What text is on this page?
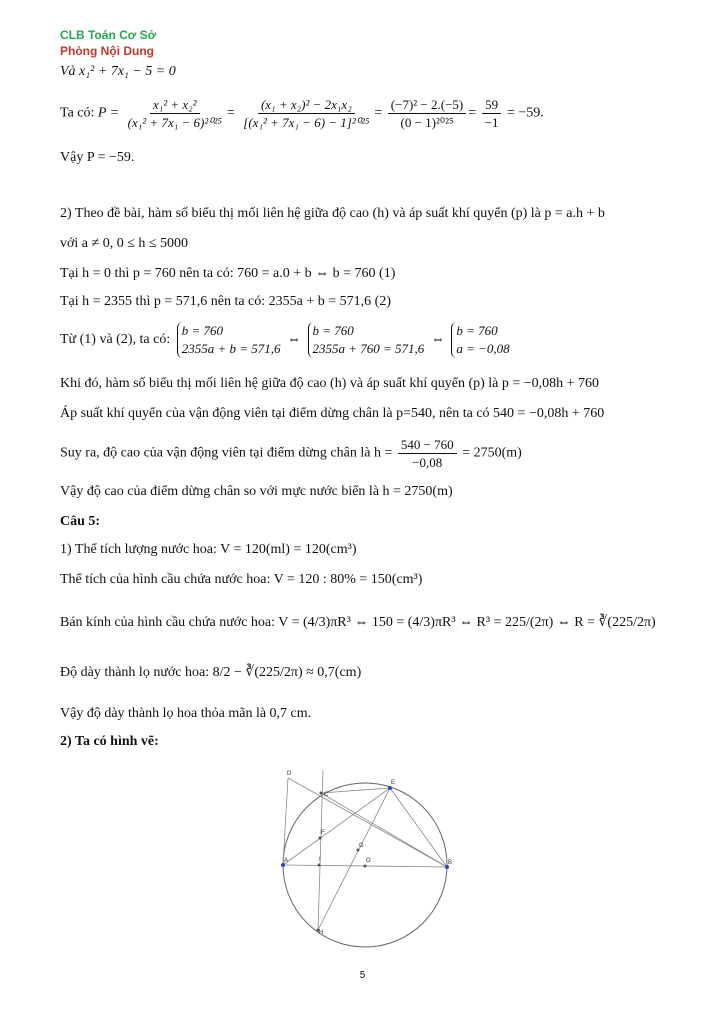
CLB Toán Cơ Sở
Phòng Nội Dung
Và x₁² + 7x₁ − 5 = 0
Ta có: $P = \frac{\text{x₁² + x₂²}}{\text{(x₁² + 7x₁ − 6)²⁰²⁵}} = \frac{\text{(x₁ + x₂)² − 2x₁x₂}}{\text{[(x₁² + 7x₁ − 6) − 1]²⁰²⁵}} = \frac{\text{(−7)² − 2.(−5)}}{\text{(0 − 1)²⁰²⁵}} = \frac{59}{-1} = -59$.
Vậy P = −59.
2) Theo đề bài, hàm số biểu thị mối liên hệ giữa độ cao (h) và áp suất khí quyển (p) là p = a.h + b
với a ≠ 0, 0 ≤ h ≤ 5000
Tại h = 0 thì p = 760 nên ta có: 760 = a.0 + b ⇔ b = 760 (1)
Tại h = 2355 thì p = 571,6 nên ta có: 2355a + b = 571,6 (2)
Từ (1) và (2), ta có:
b = 760
2355a + b = 571,6
⇔
b = 760
2355a + 760 = 571,6
⇔
b = 760
a = −0,08
Khi đó, hàm số biểu thị mối liên hệ giữa độ cao (h) và áp suất khí quyển (p) là p = −0,08h + 760
Áp suất khí quyển của vận động viên tại điểm dừng chân là p=540, nên ta có 540 = −0,08h + 760
Suy ra, độ cao của vận động viên tại điểm dừng chân là $h = \frac{540 - 760}{-0,08} = 2750(m)$
Vậy độ cao của điểm dừng chân so với mực nước biển là h = 2750(m)
Câu 5:
1) Thể tích lượng nước hoa: V = 120(ml) = 120(cm³)
Thể tích của hình cầu chứa nước hoa: V = 120 : 80% = 150(cm³)
Bán kính của hình cầu chứa nước hoa: V = (4/3)πR³ ⇔ 150 = (4/3)πR³ ⇔ R³ = 225/(2π) ⇔ R = ∛(225/2π)
Độ dày thành lọ nước hoa: 8/2 − ∛(225/2π) ≈ 0,7(cm)
Vậy độ dày thành lọ hoa thỏa mãn là 0,7 cm.
2) Ta có hình vẽ:
D
C
E
F
G
A	I	O	B
H
5
